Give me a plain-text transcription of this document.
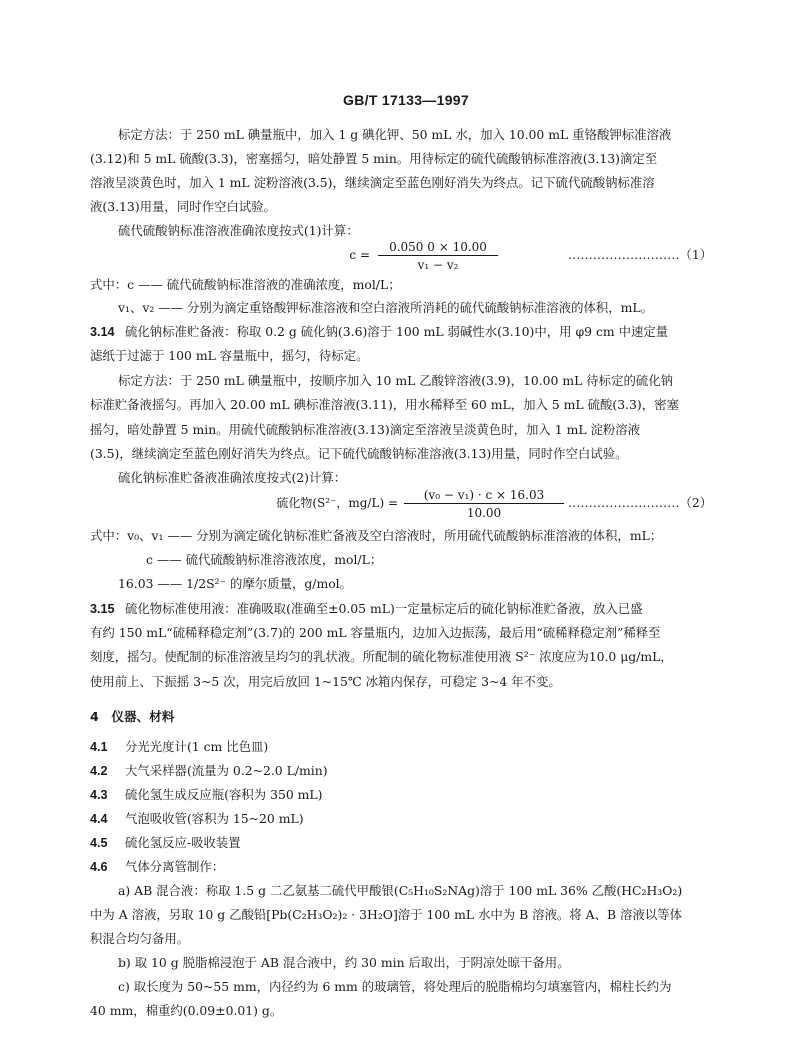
GB/T 17133—1997
标定方法：于 250 mL 碘量瓶中，加入 1 g 碘化钾、50 mL 水，加入 10.00 mL 重铬酸钾标准溶液
(3.12)和 5 mL 硫酸(3.3)，密塞摇匀，暗处静置 5 min。用待标定的硫代硫酸钠标准溶液(3.13)滴定至
溶液呈淡黄色时，加入 1 mL 淀粉溶液(3.5)，继续滴定至蓝色刚好消失为终点。记下硫代硫酸钠标准溶
液(3.13)用量，同时作空白试验。
硫代硫酸钠标准溶液准确浓度按式(1)计算：
c =
0.050 0 × 10.00
v₁ − v₂
………………………（1）
式中：c —— 硫代硫酸钠标准溶液的准确浓度，mol/L；
v₁、v₂ —— 分别为滴定重铬酸钾标准溶液和空白溶液所消耗的硫代硫酸钠标准溶液的体积，mL。
3.14 硫化钠标准贮备液：称取 0.2 g 硫化钠(3.6)溶于 100 mL 弱碱性水(3.10)中，用 φ9 cm 中速定量
滤纸于过滤于 100 mL 容量瓶中，摇匀，待标定。
标定方法：于 250 mL 碘量瓶中，按顺序加入 10 mL 乙酸锌溶液(3.9)，10.00 mL 待标定的硫化钠
标准贮备液摇匀。再加入 20.00 mL 碘标准溶液(3.11)，用水稀释至 60 mL，加入 5 mL 硫酸(3.3)，密塞
摇匀，暗处静置 5 min。用硫代硫酸钠标准溶液(3.13)滴定至溶液呈淡黄色时，加入 1 mL 淀粉溶液
(3.5)，继续滴定至蓝色刚好消失为终点。记下硫代硫酸钠标准溶液(3.13)用量，同时作空白试验。
硫化钠标准贮备液准确浓度按式(2)计算：
硫化物(S²⁻，mg/L) =
(v₀ − v₁) · c × 16.03
10.00
………………………（2）
式中：v₀、v₁ —— 分别为滴定硫化钠标准贮备液及空白溶液时，所用硫代硫酸钠标准溶液的体积，mL；
c —— 硫代硫酸钠标准溶液浓度，mol/L；
16.03 —— 1/2S²⁻ 的摩尔质量，g/mol。
3.15 硫化物标准使用液：准确吸取(准确至±0.05 mL)一定量标定后的硫化钠标准贮备液，放入已盛
有约 150 mL“硫稀释稳定剂”(3.7)的 200 mL 容量瓶内，边加入边振荡，最后用“硫稀释稳定剂”稀释至
刻度，摇匀。使配制的标准溶液呈均匀的乳状液。所配制的硫化物标准使用液 S²⁻ 浓度应为10.0 μg/mL，
使用前上、下振摇 3~5 次，用完后放回 1~15℃ 冰箱内保存，可稳定 3~4 年不变。
4　仪器、材料
4.1 分光光度计(1 cm 比色皿)
4.2 大气采样器(流量为 0.2~2.0 L/min)
4.3 硫化氢生成反应瓶(容积为 350 mL)
4.4 气泡吸收管(容积为 15~20 mL)
4.5 硫化氢反应-吸收装置
4.6 气体分离管制作：
a) AB 混合液：称取 1.5 g 二乙氨基二硫代甲酸银(C₅H₁₀S₂NAg)溶于 100 mL 36% 乙酸(HC₂H₃O₂)
中为 A 溶液，另取 10 g 乙酸铅[Pb(C₂H₃O₂)₂ · 3H₂O]溶于 100 mL 水中为 B 溶液。将 A、B 溶液以等体
积混合均匀备用。
b) 取 10 g 脱脂棉浸泡于 AB 混合液中，约 30 min 后取出，于阴凉处晾干备用。
c) 取长度为 50~55 mm，内径约为 6 mm 的玻璃管，将处理后的脱脂棉均匀填塞管内，棉柱长约为
40 mm，棉重约(0.09±0.01) g。
